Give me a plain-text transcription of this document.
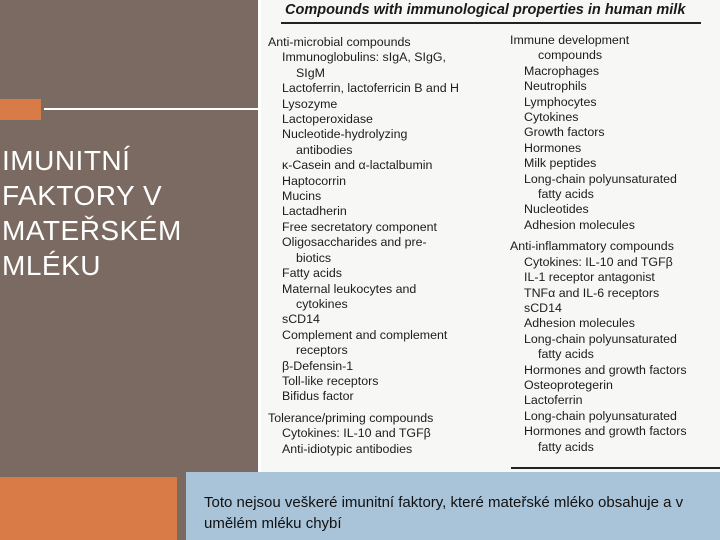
IMUNITNÍ FAKTORY V MATEŘSKÉM MLÉKU
Compounds with immunological properties in human milk
Anti-microbial compounds
Immunoglobulins: sIgA, SIgG,
SIgM
Lactoferrin, lactoferricin B and H
Lysozyme
Lactoperoxidase
Nucleotide-hydrolyzing
antibodies
κ-Casein and α-lactalbumin
Haptocorrin
Mucins
Lactadherin
Free secretatory component
Oligosaccharides and pre-
biotics
Fatty acids
Maternal leukocytes and
cytokines
sCD14
Complement and complement
receptors
β-Defensin-1
Toll-like receptors
Bifidus factor
Tolerance/priming compounds
Cytokines: IL-10 and TGFβ
Anti-idiotypic antibodies
Immune development
compounds
Macrophages
Neutrophils
Lymphocytes
Cytokines
Growth factors
Hormones
Milk peptides
Long-chain polyunsaturated
fatty acids
Nucleotides
Adhesion molecules
Anti-inflammatory compounds
Cytokines: IL-10 and TGFβ
IL-1 receptor antagonist
TNFα and IL-6 receptors
sCD14
Adhesion molecules
Long-chain polyunsaturated
fatty acids
Hormones and growth factors
Osteoprotegerin
Lactoferrin
Long-chain polyunsaturated
Hormones and growth factors
fatty acids
Toto nejsou veškeré imunitní faktory, které mateřské mléko obsahuje a v umělém mléku chybí
